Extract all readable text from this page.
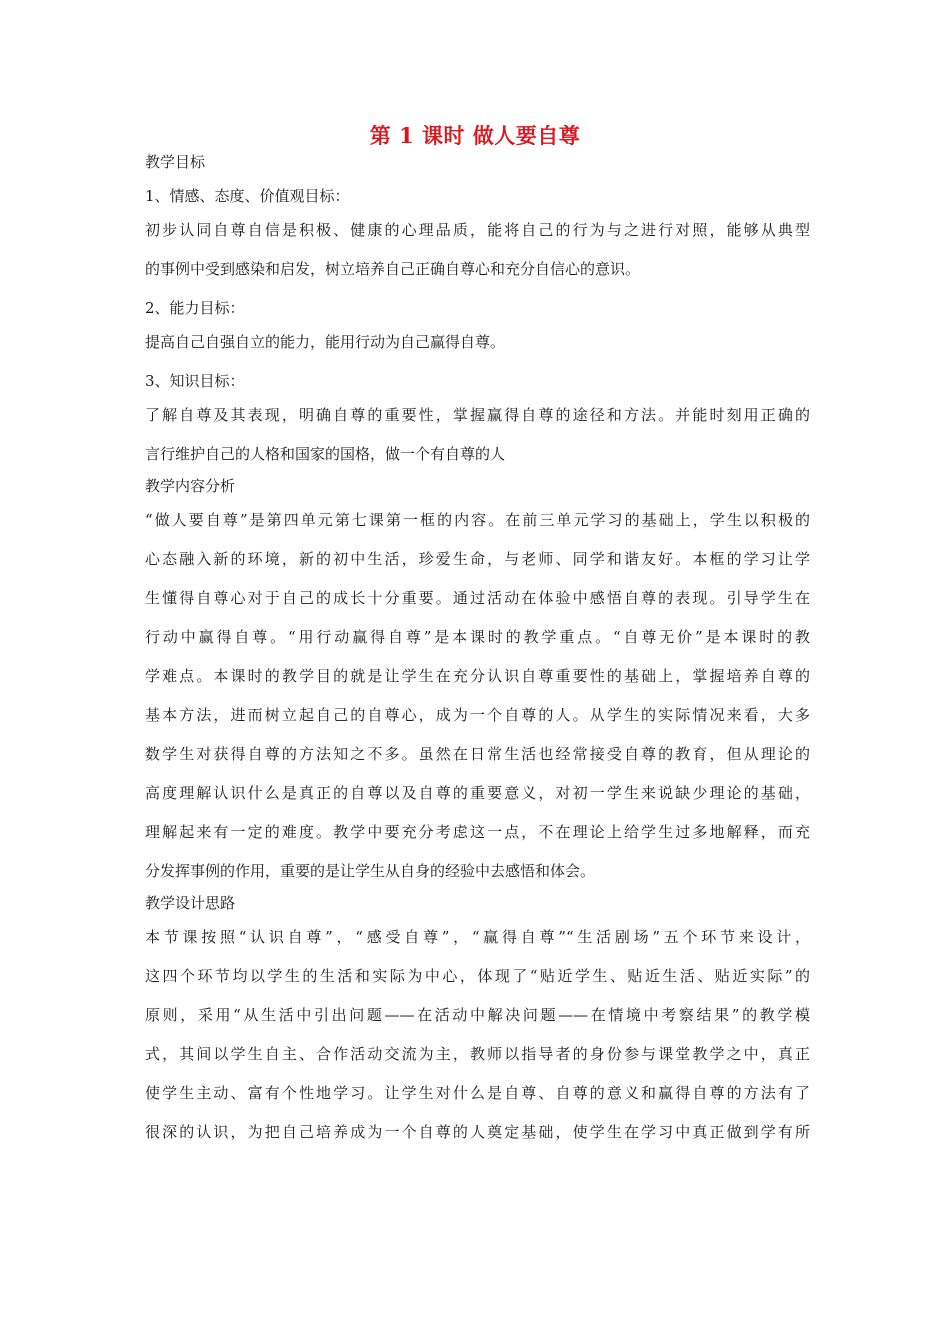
第 1 课时 做人要自尊
教学目标
1、情感、态度、价值观目标：
初步认同自尊自信是积极、健康的心理品质，能将自己的行为与之进行对照，能够从典型
的事例中受到感染和启发，树立培养自己正确自尊心和充分自信心的意识。
2、能力目标：
提高自己自强自立的能力，能用行动为自己赢得自尊。
3、知识目标：
了解自尊及其表现，明确自尊的重要性，掌握赢得自尊的途径和方法。并能时刻用正确的
言行维护自己的人格和国家的国格，做一个有自尊的人
教学内容分析
“做人要自尊”是第四单元第七课第一框的内容。在前三单元学习的基础上，学生以积极的
心态融入新的环境，新的初中生活，珍爱生命，与老师、同学和谐友好。本框的学习让学
生懂得自尊心对于自己的成长十分重要。通过活动在体验中感悟自尊的表现。引导学生在
行动中赢得自尊。“用行动赢得自尊”是本课时的教学重点。“自尊无价”是本课时的教
学难点。本课时的教学目的就是让学生在充分认识自尊重要性的基础上，掌握培养自尊的
基本方法，进而树立起自己的自尊心，成为一个自尊的人。从学生的实际情况来看，大多
数学生对获得自尊的方法知之不多。虽然在日常生活也经常接受自尊的教育，但从理论的
高度理解认识什么是真正的自尊以及自尊的重要意义，对初一学生来说缺少理论的基础，
理解起来有一定的难度。教学中要充分考虑这一点，不在理论上给学生过多地解释，而充
分发挥事例的作用，重要的是让学生从自身的经验中去感悟和体会。
教学设计思路
本节课按照“认识自尊”，“感受自尊”，“赢得自尊”“生活剧场”五个环节来设计，
这四个环节均以学生的生活和实际为中心，体现了“贴近学生、贴近生活、贴近实际”的
原则，采用“从生活中引出问题——在活动中解决问题——在情境中考察结果”的教学模
式，其间以学生自主、合作活动交流为主，教师以指导者的身份参与课堂教学之中，真正
使学生主动、富有个性地学习。让学生对什么是自尊、自尊的意义和赢得自尊的方法有了
很深的认识，为把自己培养成为一个自尊的人奠定基础，使学生在学习中真正做到学有所
